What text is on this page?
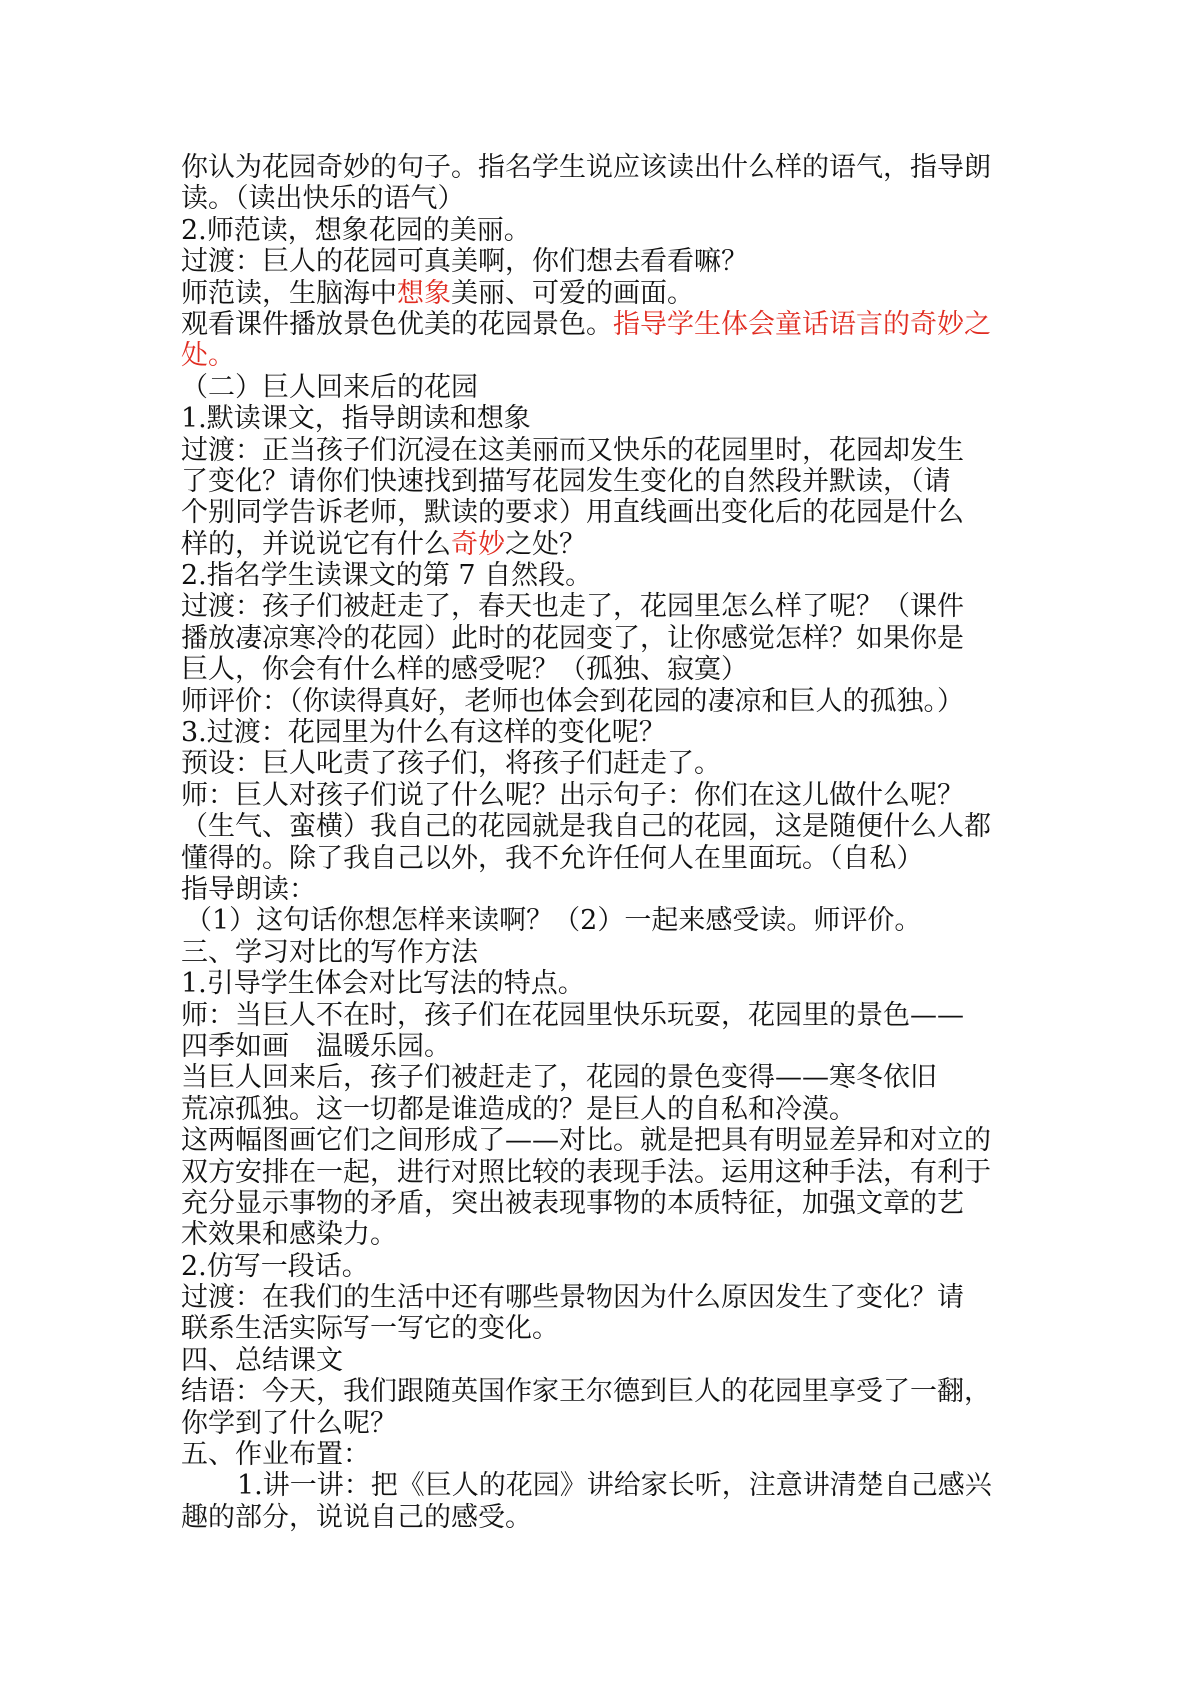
你认为花园奇妙的句子。指名学生说应该读出什么样的语气，指导朗
读。（读出快乐的语气）
2.师范读，想象花园的美丽。
过渡：巨人的花园可真美啊，你们想去看看嘛？
师范读，生脑海中想象美丽、可爱的画面。
观看课件播放景色优美的花园景色。指导学生体会童话语言的奇妙之
处。
（二）巨人回来后的花园
1.默读课文，指导朗读和想象
过渡：正当孩子们沉浸在这美丽而又快乐的花园里时，花园却发生
了变化？请你们快速找到描写花园发生变化的自然段并默读，（请
个别同学告诉老师，默读的要求）用直线画出变化后的花园是什么
样的，并说说它有什么奇妙之处？
2.指名学生读课文的第 7 自然段。
过渡：孩子们被赶走了，春天也走了，花园里怎么样了呢？（课件
播放凄凉寒冷的花园）此时的花园变了，让你感觉怎样？如果你是
巨人，你会有什么样的感受呢？（孤独、寂寞）
师评价：（你读得真好，老师也体会到花园的凄凉和巨人的孤独。）
3.过渡：花园里为什么有这样的变化呢？
预设：巨人叱责了孩子们，将孩子们赶走了。
师：巨人对孩子们说了什么呢？出示句子：你们在这儿做什么呢？
（生气、蛮横）我自己的花园就是我自己的花园，这是随便什么人都
懂得的。除了我自己以外，我不允许任何人在里面玩。（自私）
指导朗读：
（1）这句话你想怎样来读啊？（2）一起来感受读。师评价。
三、学习对比的写作方法
1.引导学生体会对比写法的特点。
师：当巨人不在时，孩子们在花园里快乐玩耍，花园里的景色——
四季如画　温暖乐园。
当巨人回来后，孩子们被赶走了，花园的景色变得——寒冬依旧
荒凉孤独。这一切都是谁造成的？是巨人的自私和冷漠。
这两幅图画它们之间形成了——对比。就是把具有明显差异和对立的
双方安排在一起，进行对照比较的表现手法。运用这种手法，有利于
充分显示事物的矛盾，突出被表现事物的本质特征，加强文章的艺
术效果和感染力。
2.仿写一段话。
过渡：在我们的生活中还有哪些景物因为什么原因发生了变化？请
联系生活实际写一写它的变化。
四、总结课文
结语：今天，我们跟随英国作家王尔德到巨人的花园里享受了一翻，
你学到了什么呢？
五、作业布置：
1.讲一讲：把《巨人的花园》讲给家长听，注意讲清楚自己感兴
趣的部分，说说自己的感受。
